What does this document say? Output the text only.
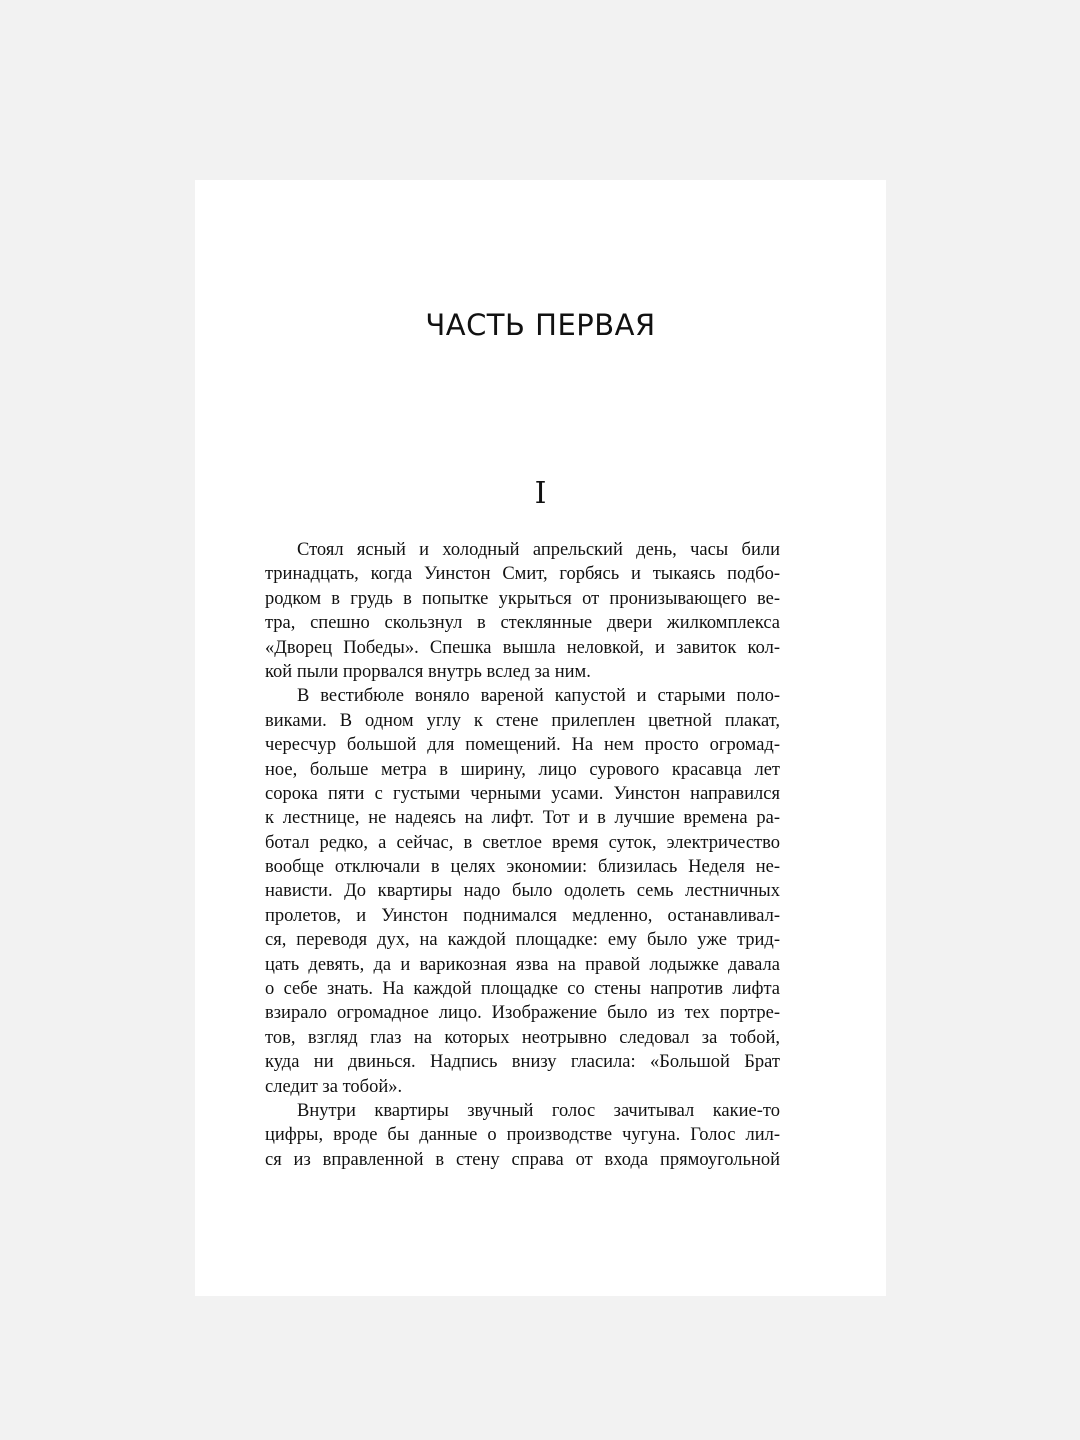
ЧАСТЬ ПЕРВАЯ
I
Стоял ясный и холодный апрельский день, часы били
тринадцать, когда Уинстон Смит, горбясь и тыкаясь подбо-
родком в грудь в попытке укрыться от пронизывающего ве-
тра, спешно скользнул в стеклянные двери жилкомплекса
«Дворец Победы». Спешка вышла неловкой, и завиток кол-
кой пыли прорвался внутрь вслед за ним.
В вестибюле воняло вареной капустой и старыми поло-
виками. В одном углу к стене прилеплен цветной плакат,
чересчур большой для помещений. На нем просто огромад-
ное, больше метра в ширину, лицо сурового красавца лет
сорока пяти с густыми черными усами. Уинстон направился
к лестнице, не надеясь на лифт. Тот и в лучшие времена ра-
ботал редко, а сейчас, в светлое время суток, электричество
вообще отключали в целях экономии: близилась Неделя не-
нависти. До квартиры надо было одолеть семь лестничных
пролетов, и Уинстон поднимался медленно, останавливал-
ся, переводя дух, на каждой площадке: ему было уже трид-
цать девять, да и варикозная язва на правой лодыжке давала
о себе знать. На каждой площадке со стены напротив лифта
взирало огромадное лицо. Изображение было из тех портре-
тов, взгляд глаз на которых неотрывно следовал за тобой,
куда ни двинься. Надпись внизу гласила: «Большой Брат
следит за тобой».
Внутри квартиры звучный голос зачитывал какие-то
цифры, вроде бы данные о производстве чугуна. Голос лил-
ся из вправленной в стену справа от входа прямоугольной
